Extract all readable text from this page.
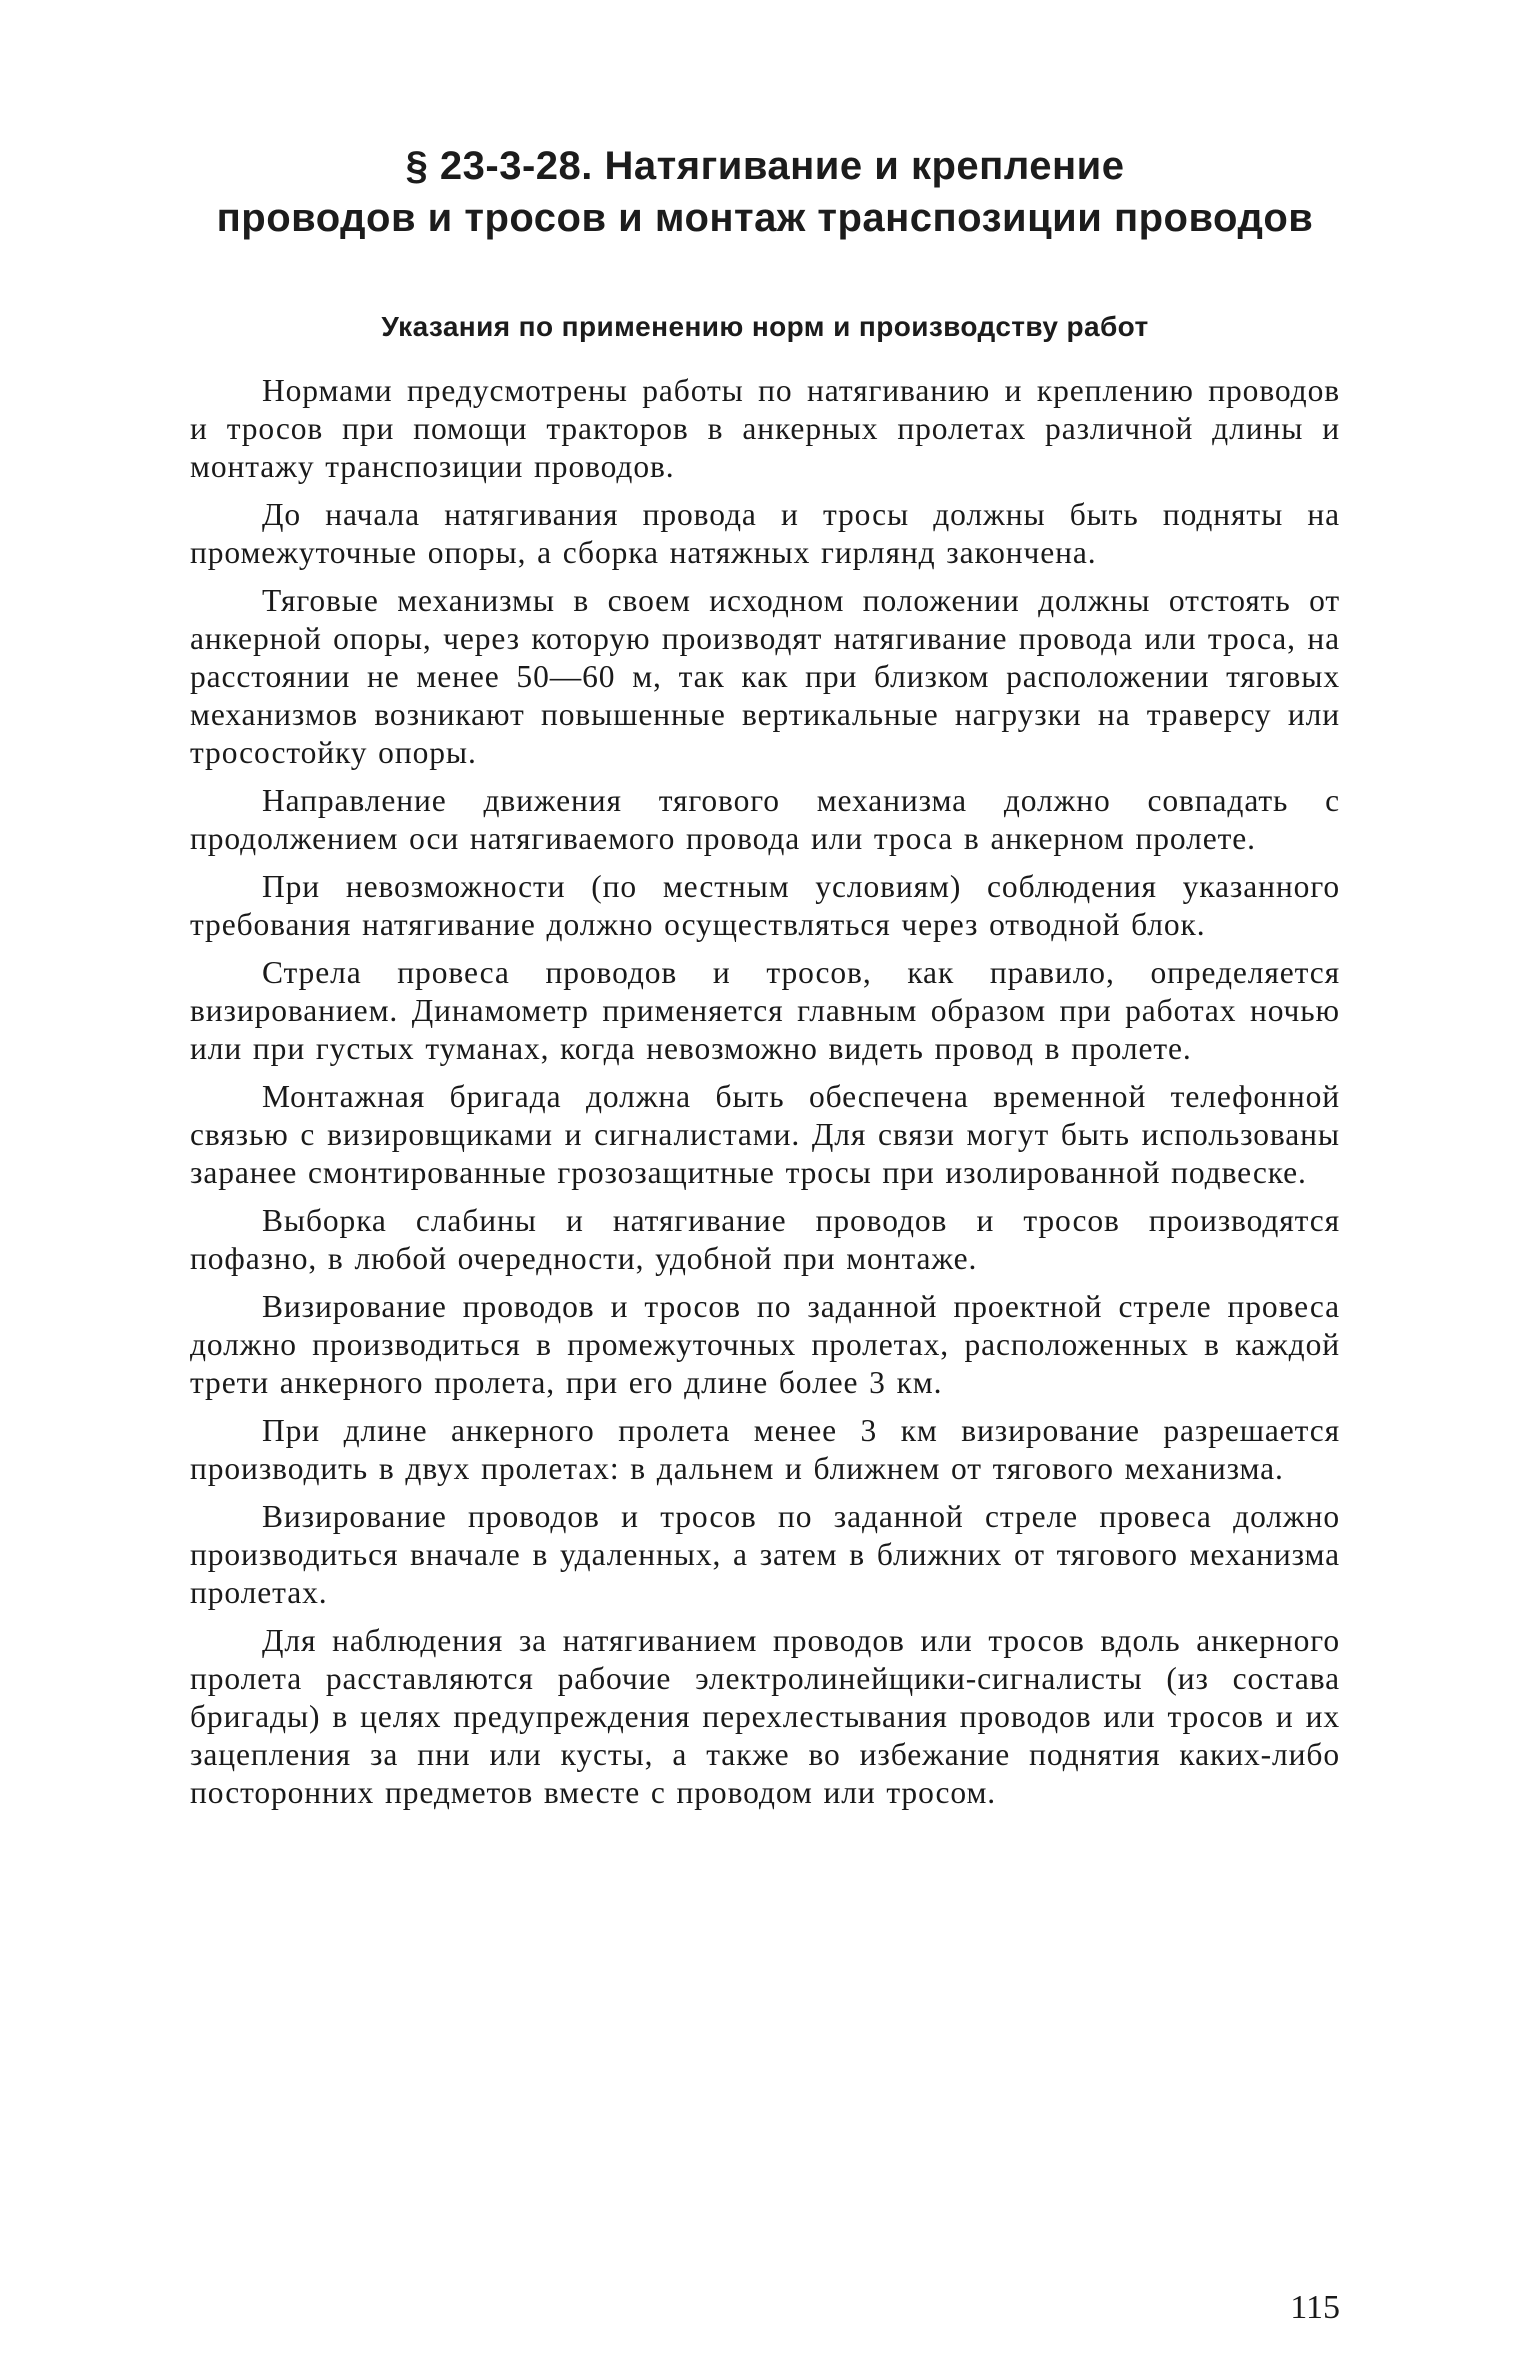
§ 23-3-28. Натягивание и крепление
проводов и тросов и монтаж транспозиции проводов
Указания по применению норм и производству работ

Нормами предусмотрены работы по натягиванию и креплению проводов и тросов при помощи тракторов в анкерных пролетах различной длины и монтажу транспозиции проводов.

До начала натягивания провода и тросы должны быть подняты на промежуточные опоры, а сборка натяжных гирлянд закончена.

Тяговые механизмы в своем исходном положении должны отстоять от анкерной опоры, через которую производят натягивание провода или троса, на расстоянии не менее 50—60 м, так как при близком расположении тяговых механизмов возникают повышенные вертикальные нагрузки на траверсу или тросостойку опоры.

Направление движения тягового механизма должно совпадать с продолжением оси натягиваемого провода или троса в анкерном пролете.

При невозможности (по местным условиям) соблюдения указанного требования натягивание должно осуществляться через отводной блок.

Стрела провеса проводов и тросов, как правило, определяется визированием. Динамометр применяется главным образом при работах ночью или при густых туманах, когда невозможно видеть провод в пролете.

Монтажная бригада должна быть обеспечена временной телефонной связью с визировщиками и сигналистами. Для связи могут быть использованы заранее смонтированные грозозащитные тросы при изолированной подвеске.

Выборка слабины и натягивание проводов и тросов производятся пофазно, в любой очередности, удобной при монтаже.

Визирование проводов и тросов по заданной проектной стреле провеса должно производиться в промежуточных пролетах, расположенных в каждой трети анкерного пролета, при его длине более 3 км.

При длине анкерного пролета менее 3 км визирование разрешается производить в двух пролетах: в дальнем и ближнем от тягового механизма.

Визирование проводов и тросов по заданной стреле провеса должно производиться вначале в удаленных, а затем в ближних от тягового механизма пролетах.

Для наблюдения за натягиванием проводов или тросов вдоль анкерного пролета расставляются рабочие электролинейщики-сигналисты (из состава бригады) в целях предупреждения перехлестывания проводов или тросов и их зацепления за пни или кусты, а также во избежание поднятия каких-либо посторонних предметов вместе с проводом или тросом.

115
